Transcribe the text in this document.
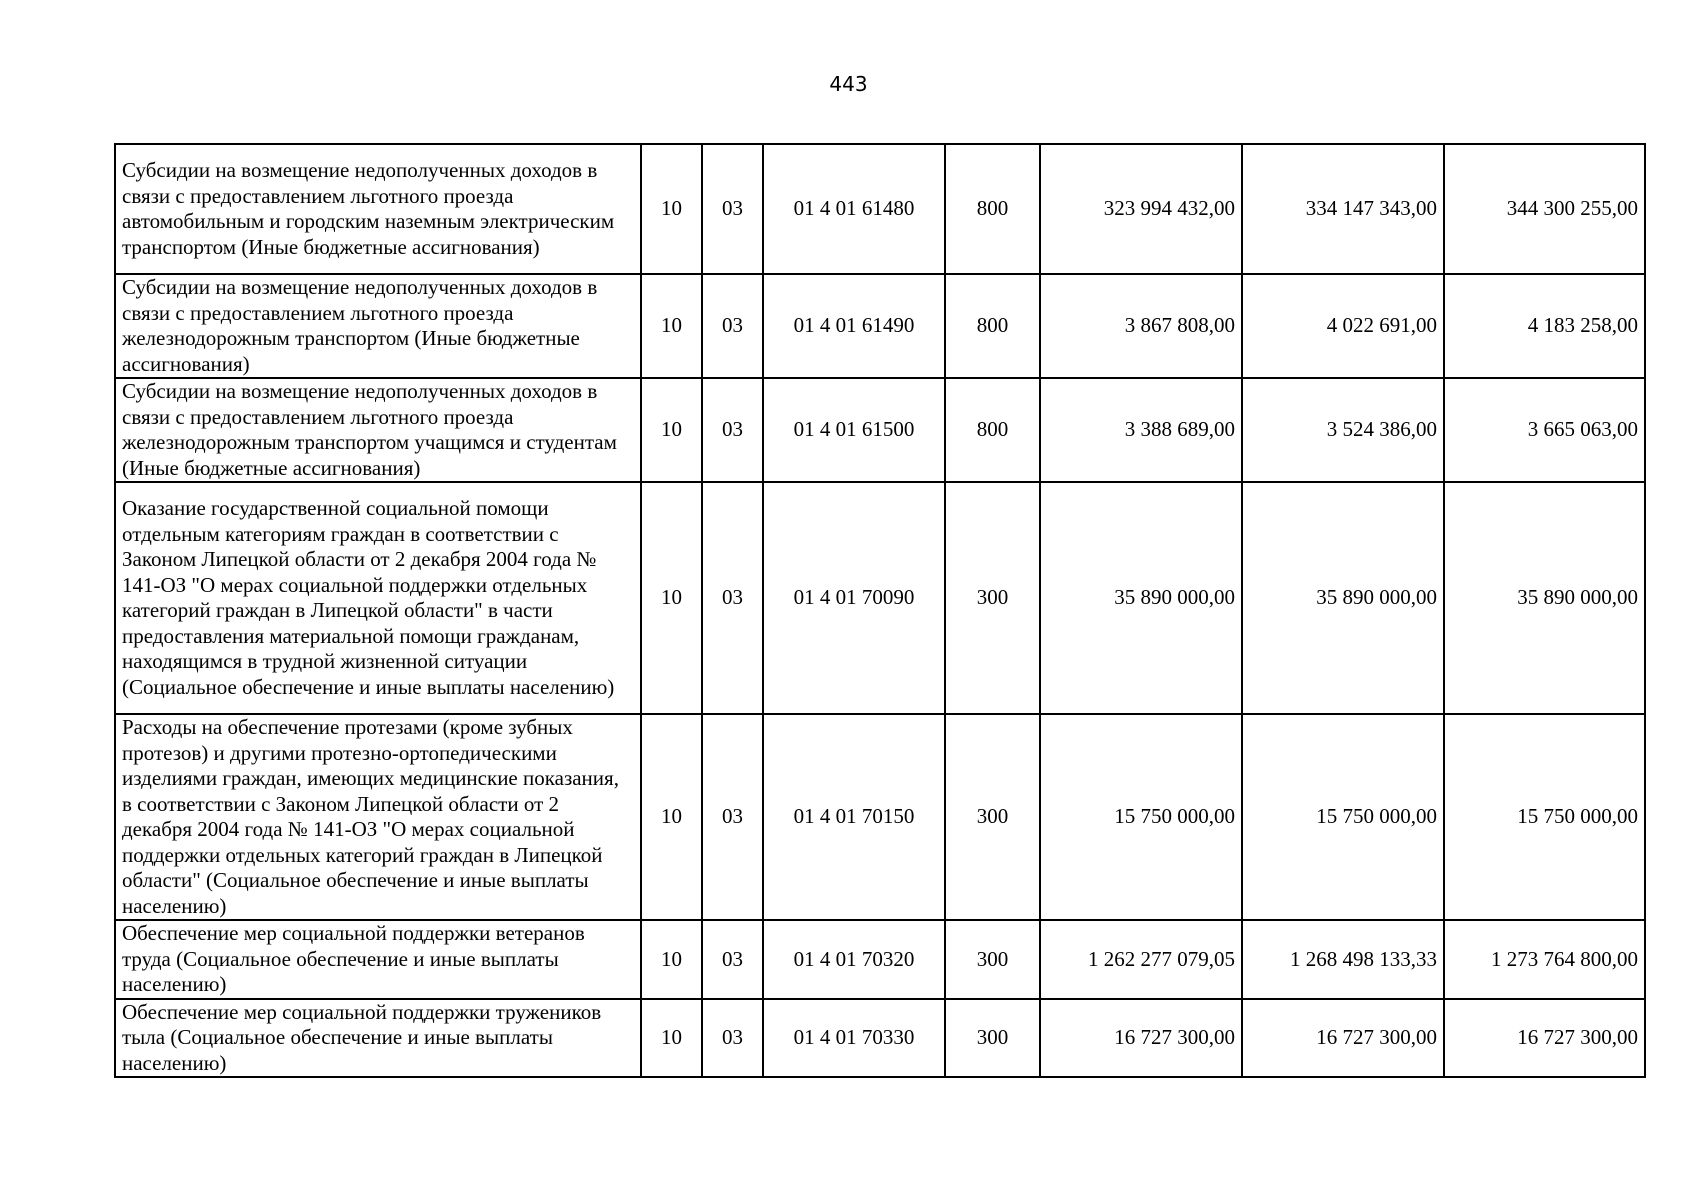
443
Субсидии на возмещение недополученных доходов в связи с предоставлением льготного проезда автомобильным и городским наземным электрическим транспортом (Иные бюджетные ассигнования)	10	03	01 4 01 61480	800	323 994 432,00	334 147 343,00	344 300 255,00
Субсидии на возмещение недополученных доходов в связи с предоставлением льготного проезда железнодорожным транспортом (Иные бюджетные ассигнования)	10	03	01 4 01 61490	800	3 867 808,00	4 022 691,00	4 183 258,00
Субсидии на возмещение недополученных доходов в связи с предоставлением льготного проезда железнодорожным транспортом учащимся и студентам (Иные бюджетные ассигнования)	10	03	01 4 01 61500	800	3 388 689,00	3 524 386,00	3 665 063,00
Оказание государственной социальной помощи отдельным категориям граждан в соответствии с Законом Липецкой области от 2 декабря 2004 года № 141-ОЗ "О мерах социальной поддержки отдельных категорий граждан в Липецкой области" в части предоставления материальной помощи гражданам, находящимся в трудной жизненной ситуации (Социальное обеспечение и иные выплаты населению)	10	03	01 4 01 70090	300	35 890 000,00	35 890 000,00	35 890 000,00
Расходы на обеспечение протезами (кроме зубных протезов) и другими протезно-ортопедическими изделиями граждан, имеющих медицинские показания, в соответствии с Законом Липецкой области от 2 декабря 2004 года № 141-ОЗ "О мерах социальной поддержки отдельных категорий граждан в Липецкой области" (Социальное обеспечение и иные выплаты населению)	10	03	01 4 01 70150	300	15 750 000,00	15 750 000,00	15 750 000,00
Обеспечение мер социальной поддержки ветеранов труда (Социальное обеспечение и иные выплаты населению)	10	03	01 4 01 70320	300	1 262 277 079,05	1 268 498 133,33	1 273 764 800,00
Обеспечение мер социальной поддержки тружеников тыла (Социальное обеспечение и иные выплаты населению)	10	03	01 4 01 70330	300	16 727 300,00	16 727 300,00	16 727 300,00
